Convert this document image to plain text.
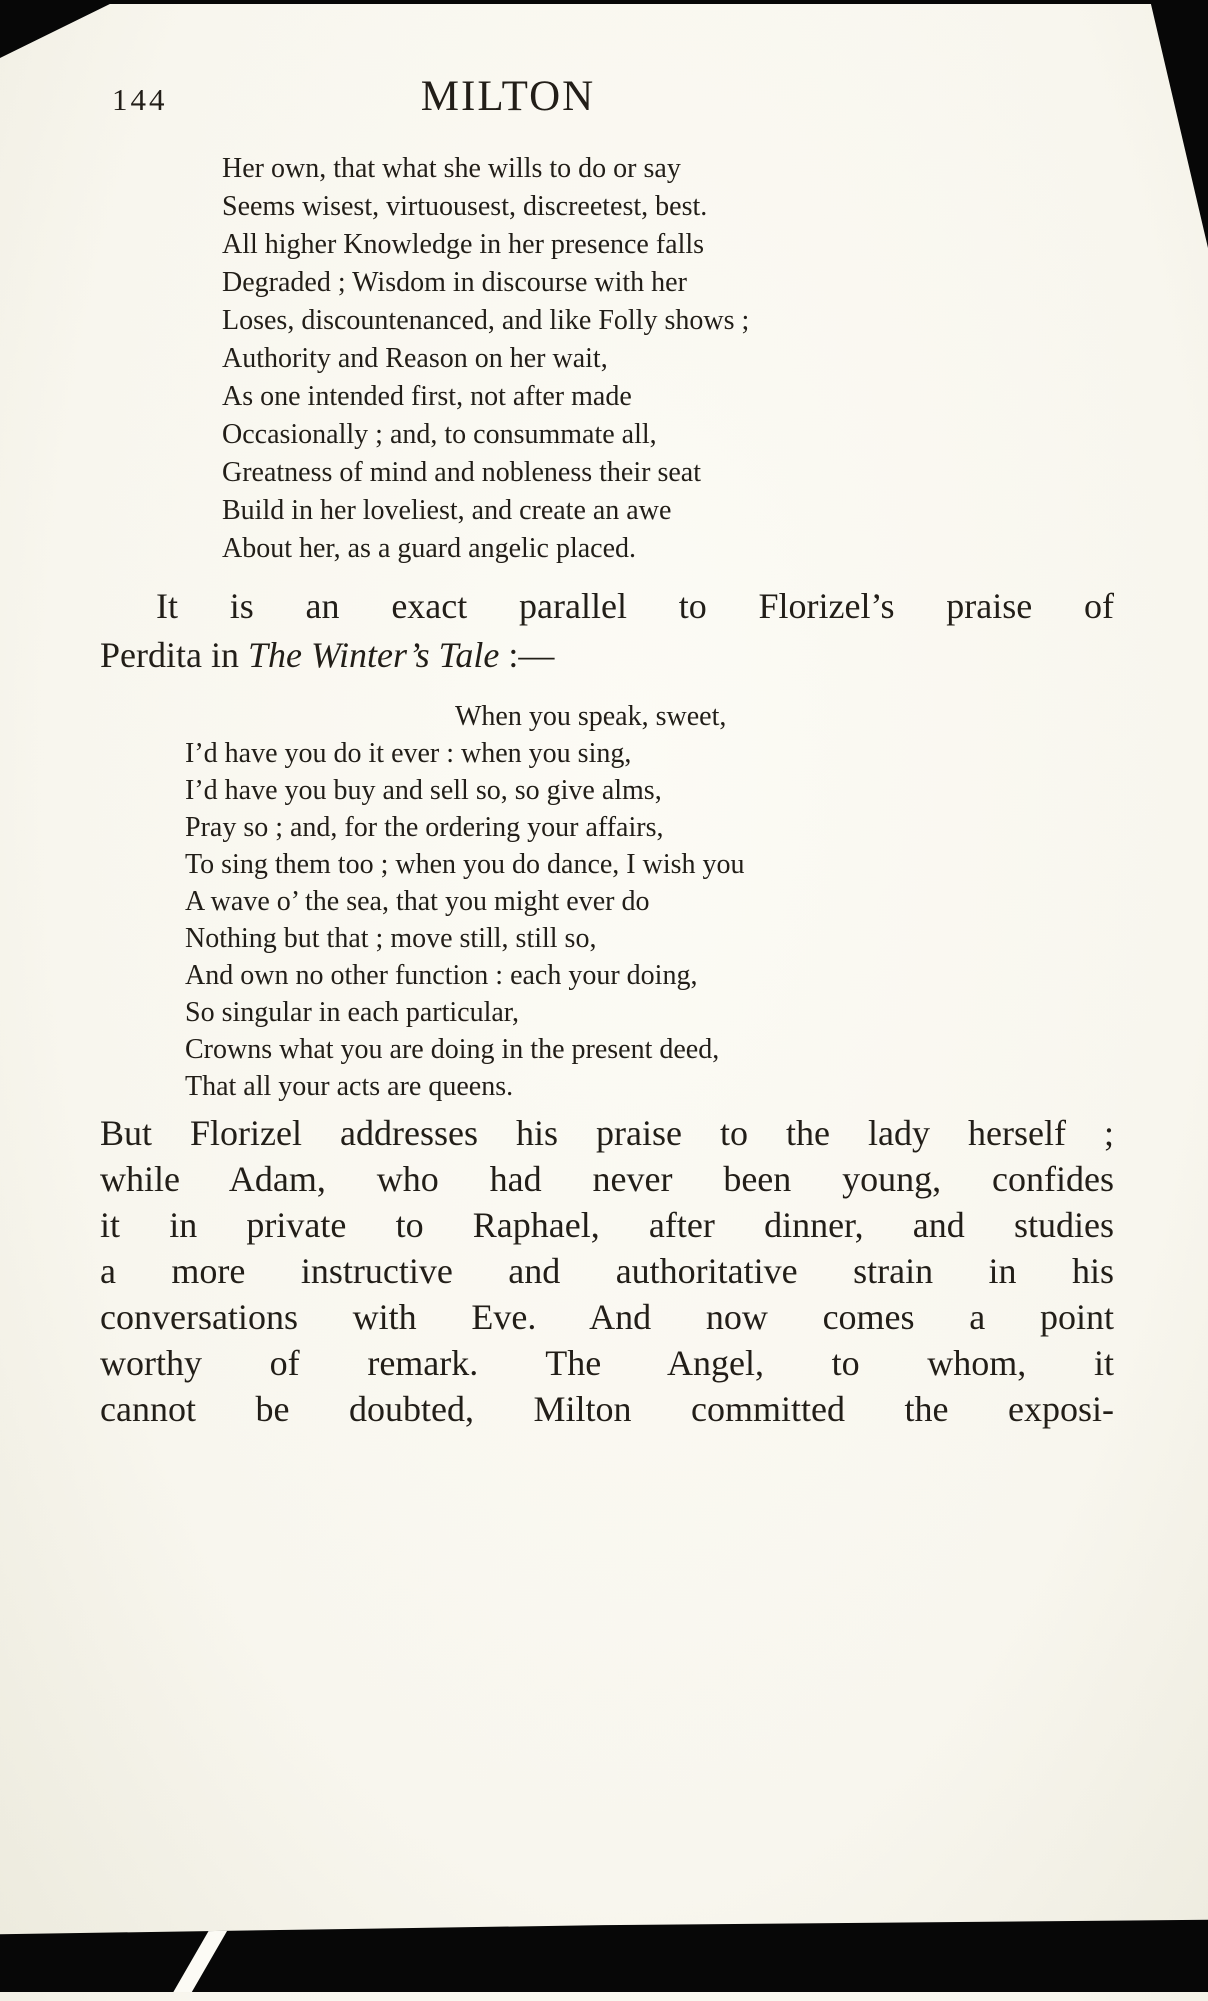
144	MILTON
Her own, that what she wills to do or say
Seems wisest, virtuousest, discreetest, best.
All higher Knowledge in her presence falls
Degraded ; Wisdom in discourse with her
Loses, discountenanced, and like Folly shows ;
Authority and Reason on her wait,
As one intended first, not after made
Occasionally ; and, to consummate all,
Greatness of mind and nobleness their seat
Build in her loveliest, and create an awe
About her, as a guard angelic placed.
It is an exact parallel to Florizel’s praise of
Perdita in The Winter’s Tale :—
When you speak, sweet,
I’d have you do it ever : when you sing,
I’d have you buy and sell so, so give alms,
Pray so ; and, for the ordering your affairs,
To sing them too ; when you do dance, I wish you
A wave o’ the sea, that you might ever do
Nothing but that ; move still, still so,
And own no other function : each your doing,
So singular in each particular,
Crowns what you are doing in the present deed,
That all your acts are queens.
But Florizel addresses his praise to the lady herself ;
while Adam, who had never been young, confides
it in private to Raphael, after dinner, and studies
a more instructive and authoritative strain in his
conversations with Eve. And now comes a point
worthy of remark. The Angel, to whom, it
cannot be doubted, Milton committed the exposi-
